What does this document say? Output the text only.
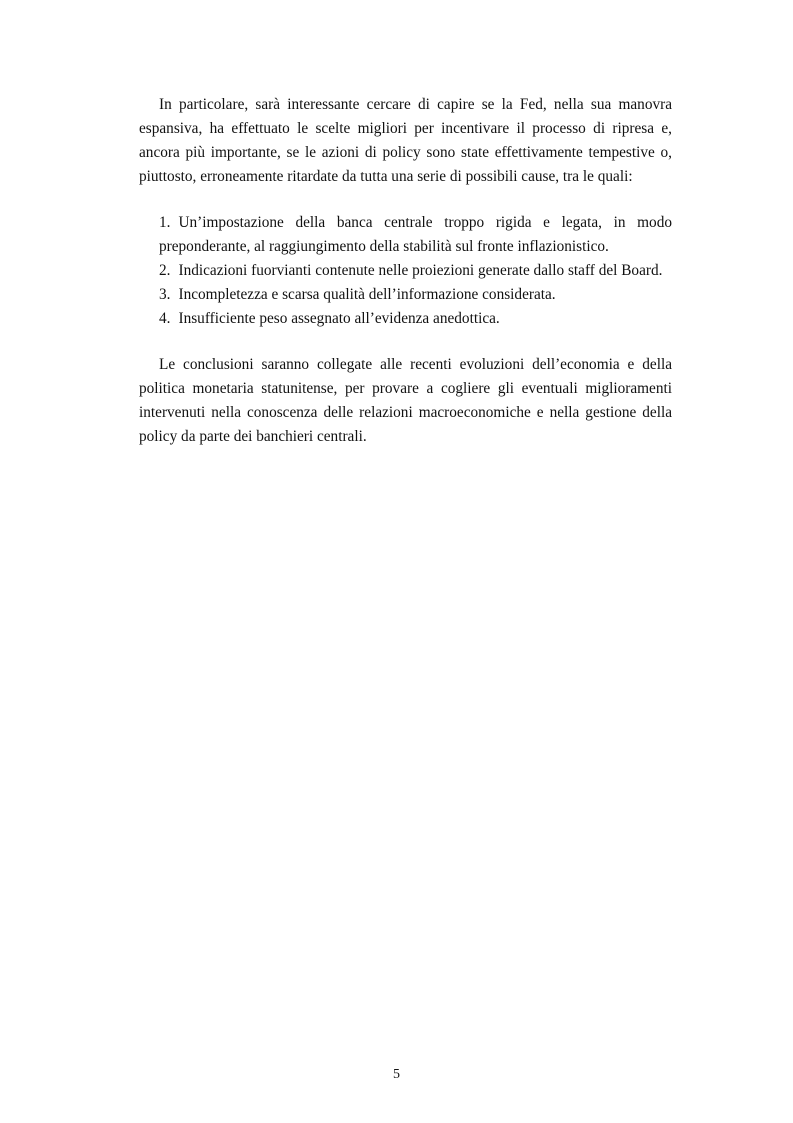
In particolare, sarà interessante cercare di capire se la Fed, nella sua manovra espansiva, ha effettuato le scelte migliori per incentivare il processo di ripresa e, ancora più importante, se le azioni di policy sono state effettivamente tempestive o, piuttosto, erroneamente ritardate da tutta una serie di possibili cause, tra le quali:

1. Un’impostazione della banca centrale troppo rigida e legata, in modo preponderante, al raggiungimento della stabilità sul fronte inflazionistico.
2. Indicazioni fuorvianti contenute nelle proiezioni generate dallo staff del Board.
3. Incompletezza e scarsa qualità dell’informazione considerata.
4. Insufficiente peso assegnato all’evidenza anedottica.

Le conclusioni saranno collegate alle recenti evoluzioni dell’economia e della politica monetaria statunitense, per provare a cogliere gli eventuali miglioramenti intervenuti nella conoscenza delle relazioni macroeconomiche e nella gestione della policy da parte dei banchieri centrali.

5
